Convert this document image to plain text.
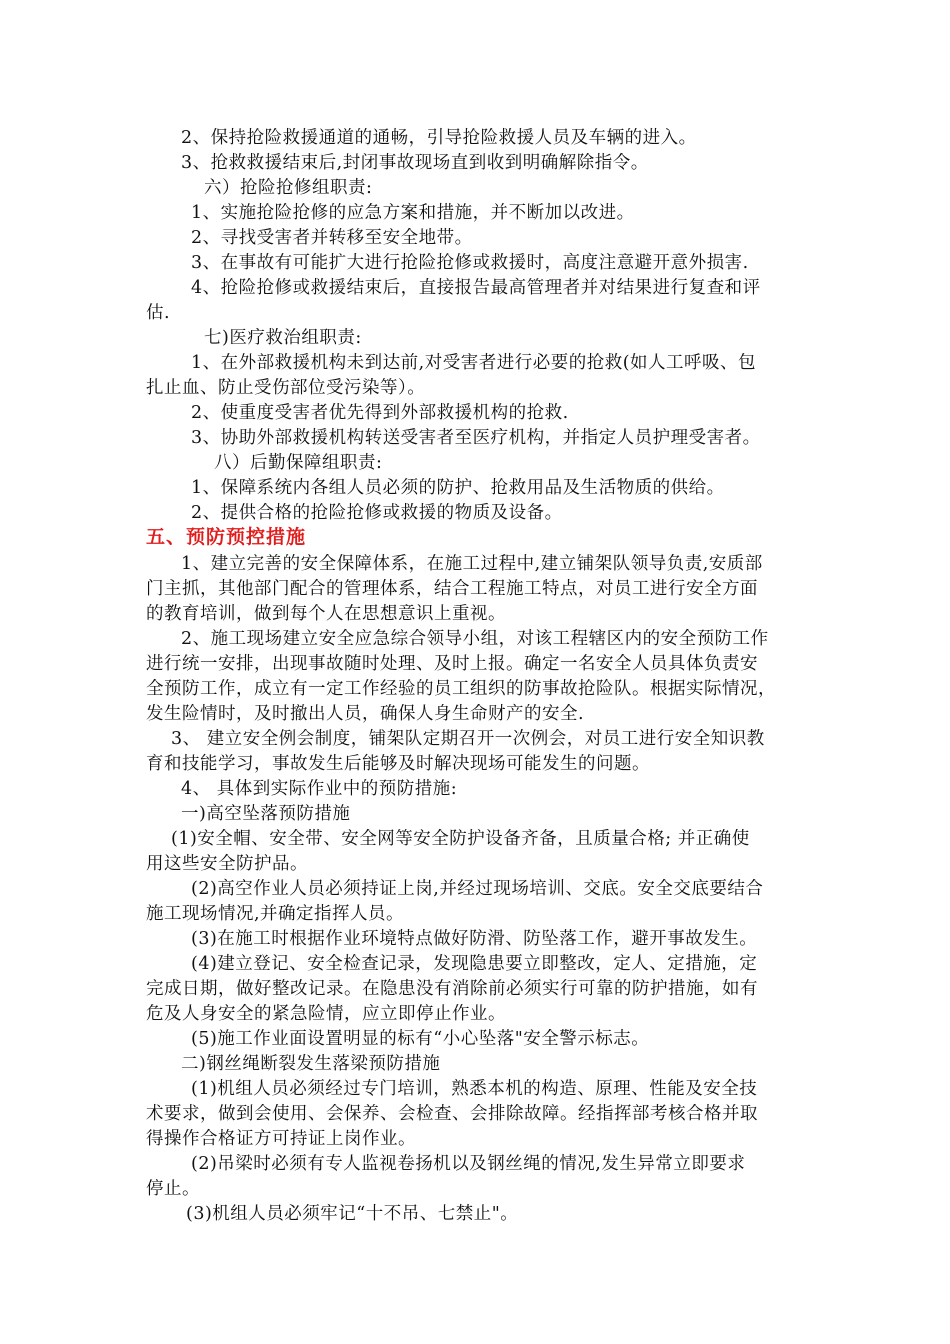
2、保持抢险救援通道的通畅，引导抢险救援人员及车辆的进入。
3、抢救救援结束后,封闭事故现场直到收到明确解除指令。
六）抢险抢修组职责:
1、实施抢险抢修的应急方案和措施，并不断加以改进。
2、寻找受害者并转移至安全地带。
3、在事故有可能扩大进行抢险抢修或救援时，高度注意避开意外损害.
4、抢险抢修或救援结束后，直接报告最高管理者并对结果进行复查和评
估.
七)医疗救治组职责:
1、在外部救援机构未到达前,对受害者进行必要的抢救(如人工呼吸、包
扎止血、防止受伤部位受污染等）。
2、使重度受害者优先得到外部救援机构的抢救.
3、协助外部救援机构转送受害者至医疗机构，并指定人员护理受害者。
八）后勤保障组职责:
1、保障系统内各组人员必须的防护、抢救用品及生活物质的供给。
2、提供合格的抢险抢修或救援的物质及设备。
五、预防预控措施
1、建立完善的安全保障体系，在施工过程中,建立铺架队领导负责,安质部
门主抓，其他部门配合的管理体系，结合工程施工特点，对员工进行安全方面
的教育培训，做到每个人在思想意识上重视。
2、施工现场建立安全应急综合领导小组，对该工程辖区内的安全预防工作
进行统一安排，出现事故随时处理、及时上报。确定一名安全人员具体负责安
全预防工作，成立有一定工作经验的员工组织的防事故抢险队。根据实际情况，
发生险情时，及时撤出人员，确保人身生命财产的安全.
3、 建立安全例会制度，铺架队定期召开一次例会，对员工进行安全知识教
育和技能学习，事故发生后能够及时解决现场可能发生的问题。
4、 具体到实际作业中的预防措施:
一)高空坠落预防措施
(1)安全帽、安全带、安全网等安全防护设备齐备，且质量合格; 并正确使
用这些安全防护品。
(2)高空作业人员必须持证上岗,并经过现场培训、交底。安全交底要结合
施工现场情况,并确定指挥人员。
(3)在施工时根据作业环境特点做好防滑、防坠落工作，避开事故发生。
(4)建立登记、安全检查记录，发现隐患要立即整改，定人、定措施，定
完成日期，做好整改记录。在隐患没有消除前必须实行可靠的防护措施，如有
危及人身安全的紧急险情，应立即停止作业。
(5)施工作业面设置明显的标有“小心坠落"安全警示标志。
二)钢丝绳断裂发生落梁预防措施
(1)机组人员必须经过专门培训，熟悉本机的构造、原理、性能及安全技
术要求，做到会使用、会保养、会检查、会排除故障。经指挥部考核合格并取
得操作合格证方可持证上岗作业。
(2)吊梁时必须有专人监视卷扬机以及钢丝绳的情况,发生异常立即要求
停止。
(3)机组人员必须牢记“十不吊、七禁止"。
